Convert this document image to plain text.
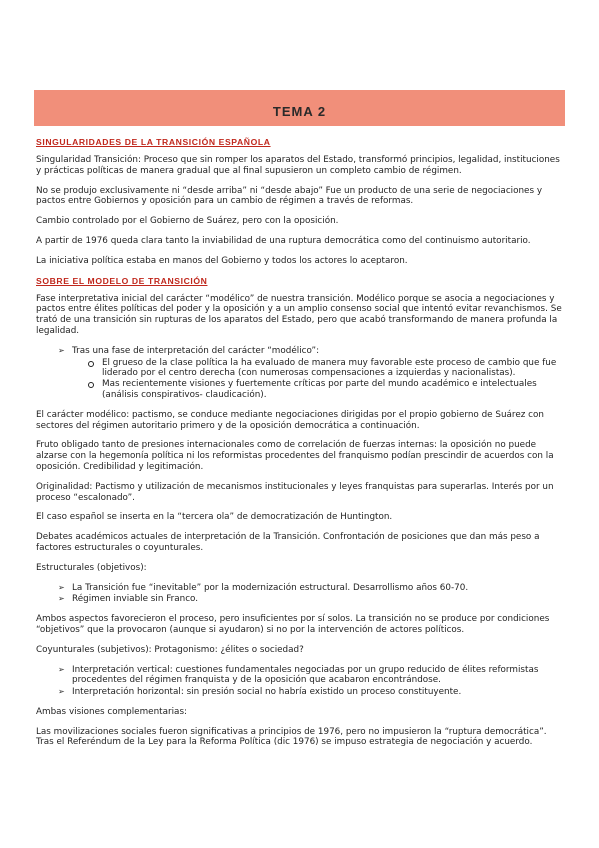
TEMA 2
SINGULARIDADES DE LA TRANSICIÓN ESPAÑOLA

Singularidad Transición: Proceso que sin romper los aparatos del Estado, transformó principios, legalidad, instituciones y prácticas políticas de manera gradual que al final supusieron un completo cambio de régimen.

No se produjo exclusivamente ni “desde arriba” ni “desde abajo” Fue un producto de una serie de negociaciones y pactos entre Gobiernos y oposición para un cambio de régimen a través de reformas.

Cambio controlado por el Gobierno de Suárez, pero con la oposición.

A partir de 1976 queda clara tanto la inviabilidad de una ruptura democrática como del continuismo autoritario.

La iniciativa política estaba en manos del Gobierno y todos los actores lo aceptaron.

SOBRE EL MODELO DE TRANSICIÓN

Fase interpretativa inicial del carácter “modélico” de nuestra transición. Modélico porque se asocia a negociaciones y pactos entre élites políticas del poder y la oposición y a un amplio consenso social que intentó evitar revanchismos. Se trató de una transición sin rupturas de los aparatos del Estado, pero que acabó transformando de manera profunda la legalidad.

➢ Tras una fase de interpretación del carácter “modélico”:
El grueso de la clase política la ha evaluado de manera muy favorable este proceso de cambio que fue liderado por el centro derecha (con numerosas compensaciones a izquierdas y nacionalistas).
Mas recientemente visiones y fuertemente críticas por parte del mundo académico e intelectuales (análisis conspirativos- claudicación).

El carácter modélico: pactismo, se conduce mediante negociaciones dirigidas por el propio gobierno de Suárez con sectores del régimen autoritario primero y de la oposición democrática a continuación.

Fruto obligado tanto de presiones internacionales como de correlación de fuerzas internas: la oposición no puede alzarse con la hegemonía política ni los reformistas procedentes del franquismo podían prescindir de acuerdos con la oposición. Credibilidad y legitimación.

Originalidad: Pactismo y utilización de mecanismos institucionales y leyes franquistas para superarlas. Interés por un proceso “escalonado”.

El caso español se inserta en la “tercera ola” de democratización de Huntington.

Debates académicos actuales de interpretación de la Transición. Confrontación de posiciones que dan más peso a factores estructurales o coyunturales.

Estructurales (objetivos):

➢ La Transición fue “inevitable” por la modernización estructural. Desarrollismo años 60-70.
➢ Régimen inviable sin Franco.

Ambos aspectos favorecieron el proceso, pero insuficientes por sí solos. La transición no se produce por condiciones “objetivos” que la provocaron (aunque si ayudaron) si no por la intervención de actores políticos.

Coyunturales (subjetivos): Protagonismo: ¿élites o sociedad?

➢ Interpretación vertical: cuestiones fundamentales negociadas por un grupo reducido de élites reformistas procedentes del régimen franquista y de la oposición que acabaron encontrándose.
➢ Interpretación horizontal: sin presión social no habría existido un proceso constituyente.

Ambas visiones complementarias:

Las movilizaciones sociales fueron significativas a principios de 1976, pero no impusieron la “ruptura democrática”. Tras el Referéndum de la Ley para la Reforma Política (dic 1976) se impuso estrategia de negociación y acuerdo.
